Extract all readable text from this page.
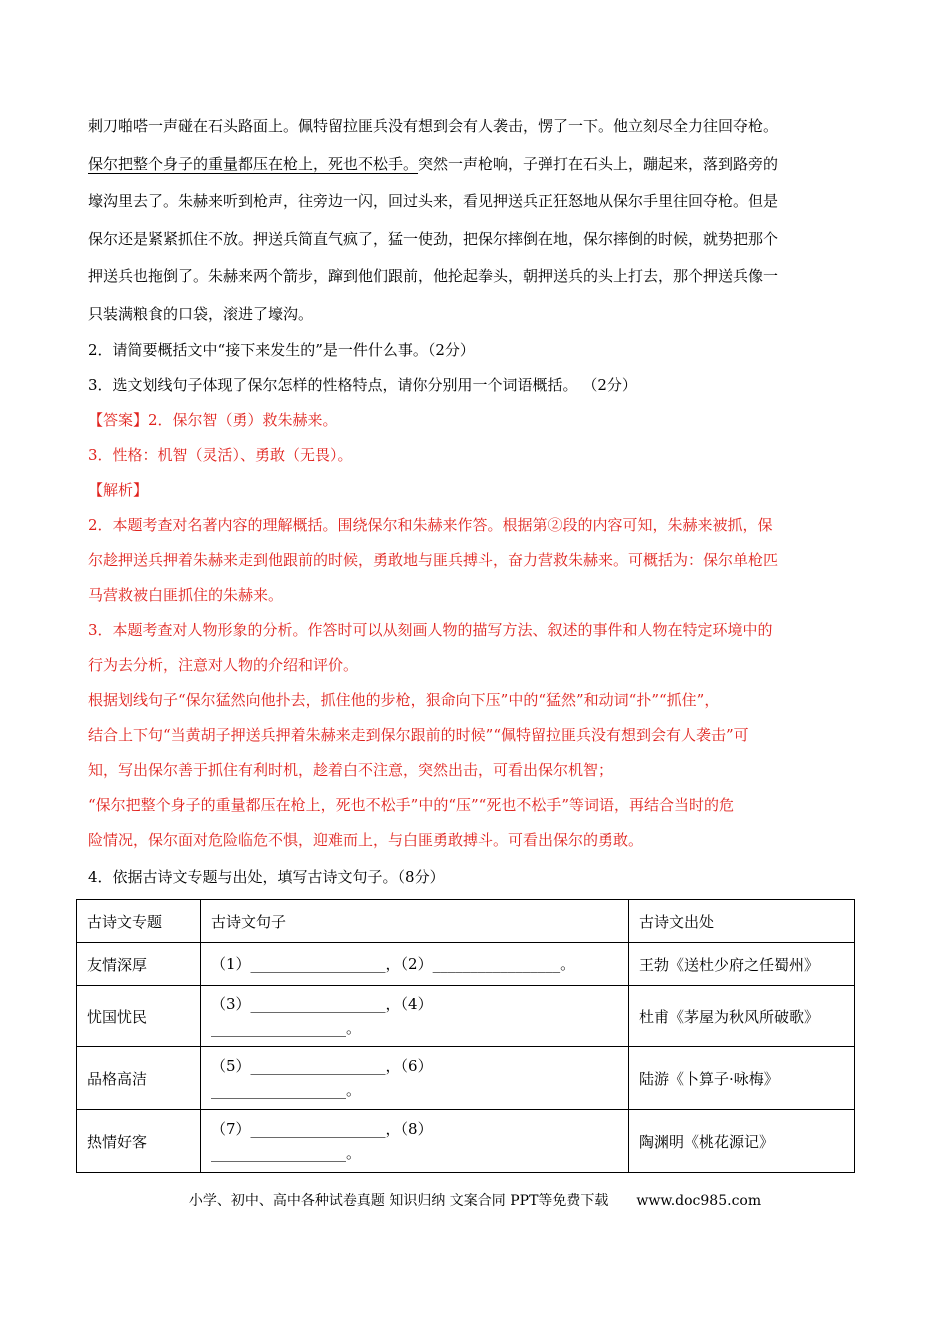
刺刀啪嗒一声碰在石头路面上。佩特留拉匪兵没有想到会有人袭击，愣了一下。他立刻尽全力往回夺枪。

保尔把整个身子的重量都压在枪上，死也不松手。突然一声枪响，子弹打在石头上，蹦起来，落到路旁的

壕沟里去了。朱赫来听到枪声，往旁边一闪，回过头来，看见押送兵正狂怒地从保尔手里往回夺枪。但是

保尔还是紧紧抓住不放。押送兵简直气疯了，猛一使劲，把保尔摔倒在地，保尔摔倒的时候，就势把那个

押送兵也拖倒了。朱赫来两个箭步，蹿到他们跟前，他抡起拳头，朝押送兵的头上打去，那个押送兵像一

只装满粮食的口袋，滚进了壕沟。

2．请简要概括文中“接下来发生的”是一件什么事。（2分）

3．选文划线句子体现了保尔怎样的性格特点，请你分别用一个词语概括。 （2分）

【答案】2．保尔智（勇）救朱赫来。

3．性格：机智（灵活）、勇敢（无畏）。

【解析】

2．本题考查对名著内容的理解概括。围绕保尔和朱赫来作答。根据第②段的内容可知，朱赫来被抓，保

尔趁押送兵押着朱赫来走到他跟前的时候，勇敢地与匪兵搏斗，奋力营救朱赫来。可概括为：保尔单枪匹

马营救被白匪抓住的朱赫来。

3．本题考查对人物形象的分析。作答时可以从刻画人物的描写方法、叙述的事件和人物在特定环境中的

行为去分析，注意对人物的介绍和评价。

根据划线句子“保尔猛然向他扑去，抓住他的步枪，狠命向下压”中的“猛然”和动词“扑”“抓住”，

结合上下句“当黄胡子押送兵押着朱赫来走到保尔跟前的时候”“佩特留拉匪兵没有想到会有人袭击”可

知，写出保尔善于抓住有利时机，趁着白不注意，突然出击，可看出保尔机智；

“保尔把整个身子的重量都压在枪上，死也不松手”中的“压”“死也不松手”等词语，再结合当时的危

险情况，保尔面对危险临危不惧，迎难而上，与白匪勇敢搏斗。可看出保尔的勇敢。

4．依据古诗文专题与出处，填写古诗文句子。（8分）

古诗文专题	古诗文句子	古诗文出处
友情深厚	（1）__________________，（2）_________________。	王勃《送杜少府之任蜀州》
忧国忧民	（3）__________________，（4）
__________________。	杜甫《茅屋为秋风所破歌》
品格高洁	（5）__________________，（6）
__________________。	陆游《卜算子·咏梅》
热情好客	（7）__________________，（8）
__________________。	陶渊明《桃花源记》
小学、初中、高中各种试卷真题 知识归纳 文案合同 PPT等免费下载 www.doc985.com
